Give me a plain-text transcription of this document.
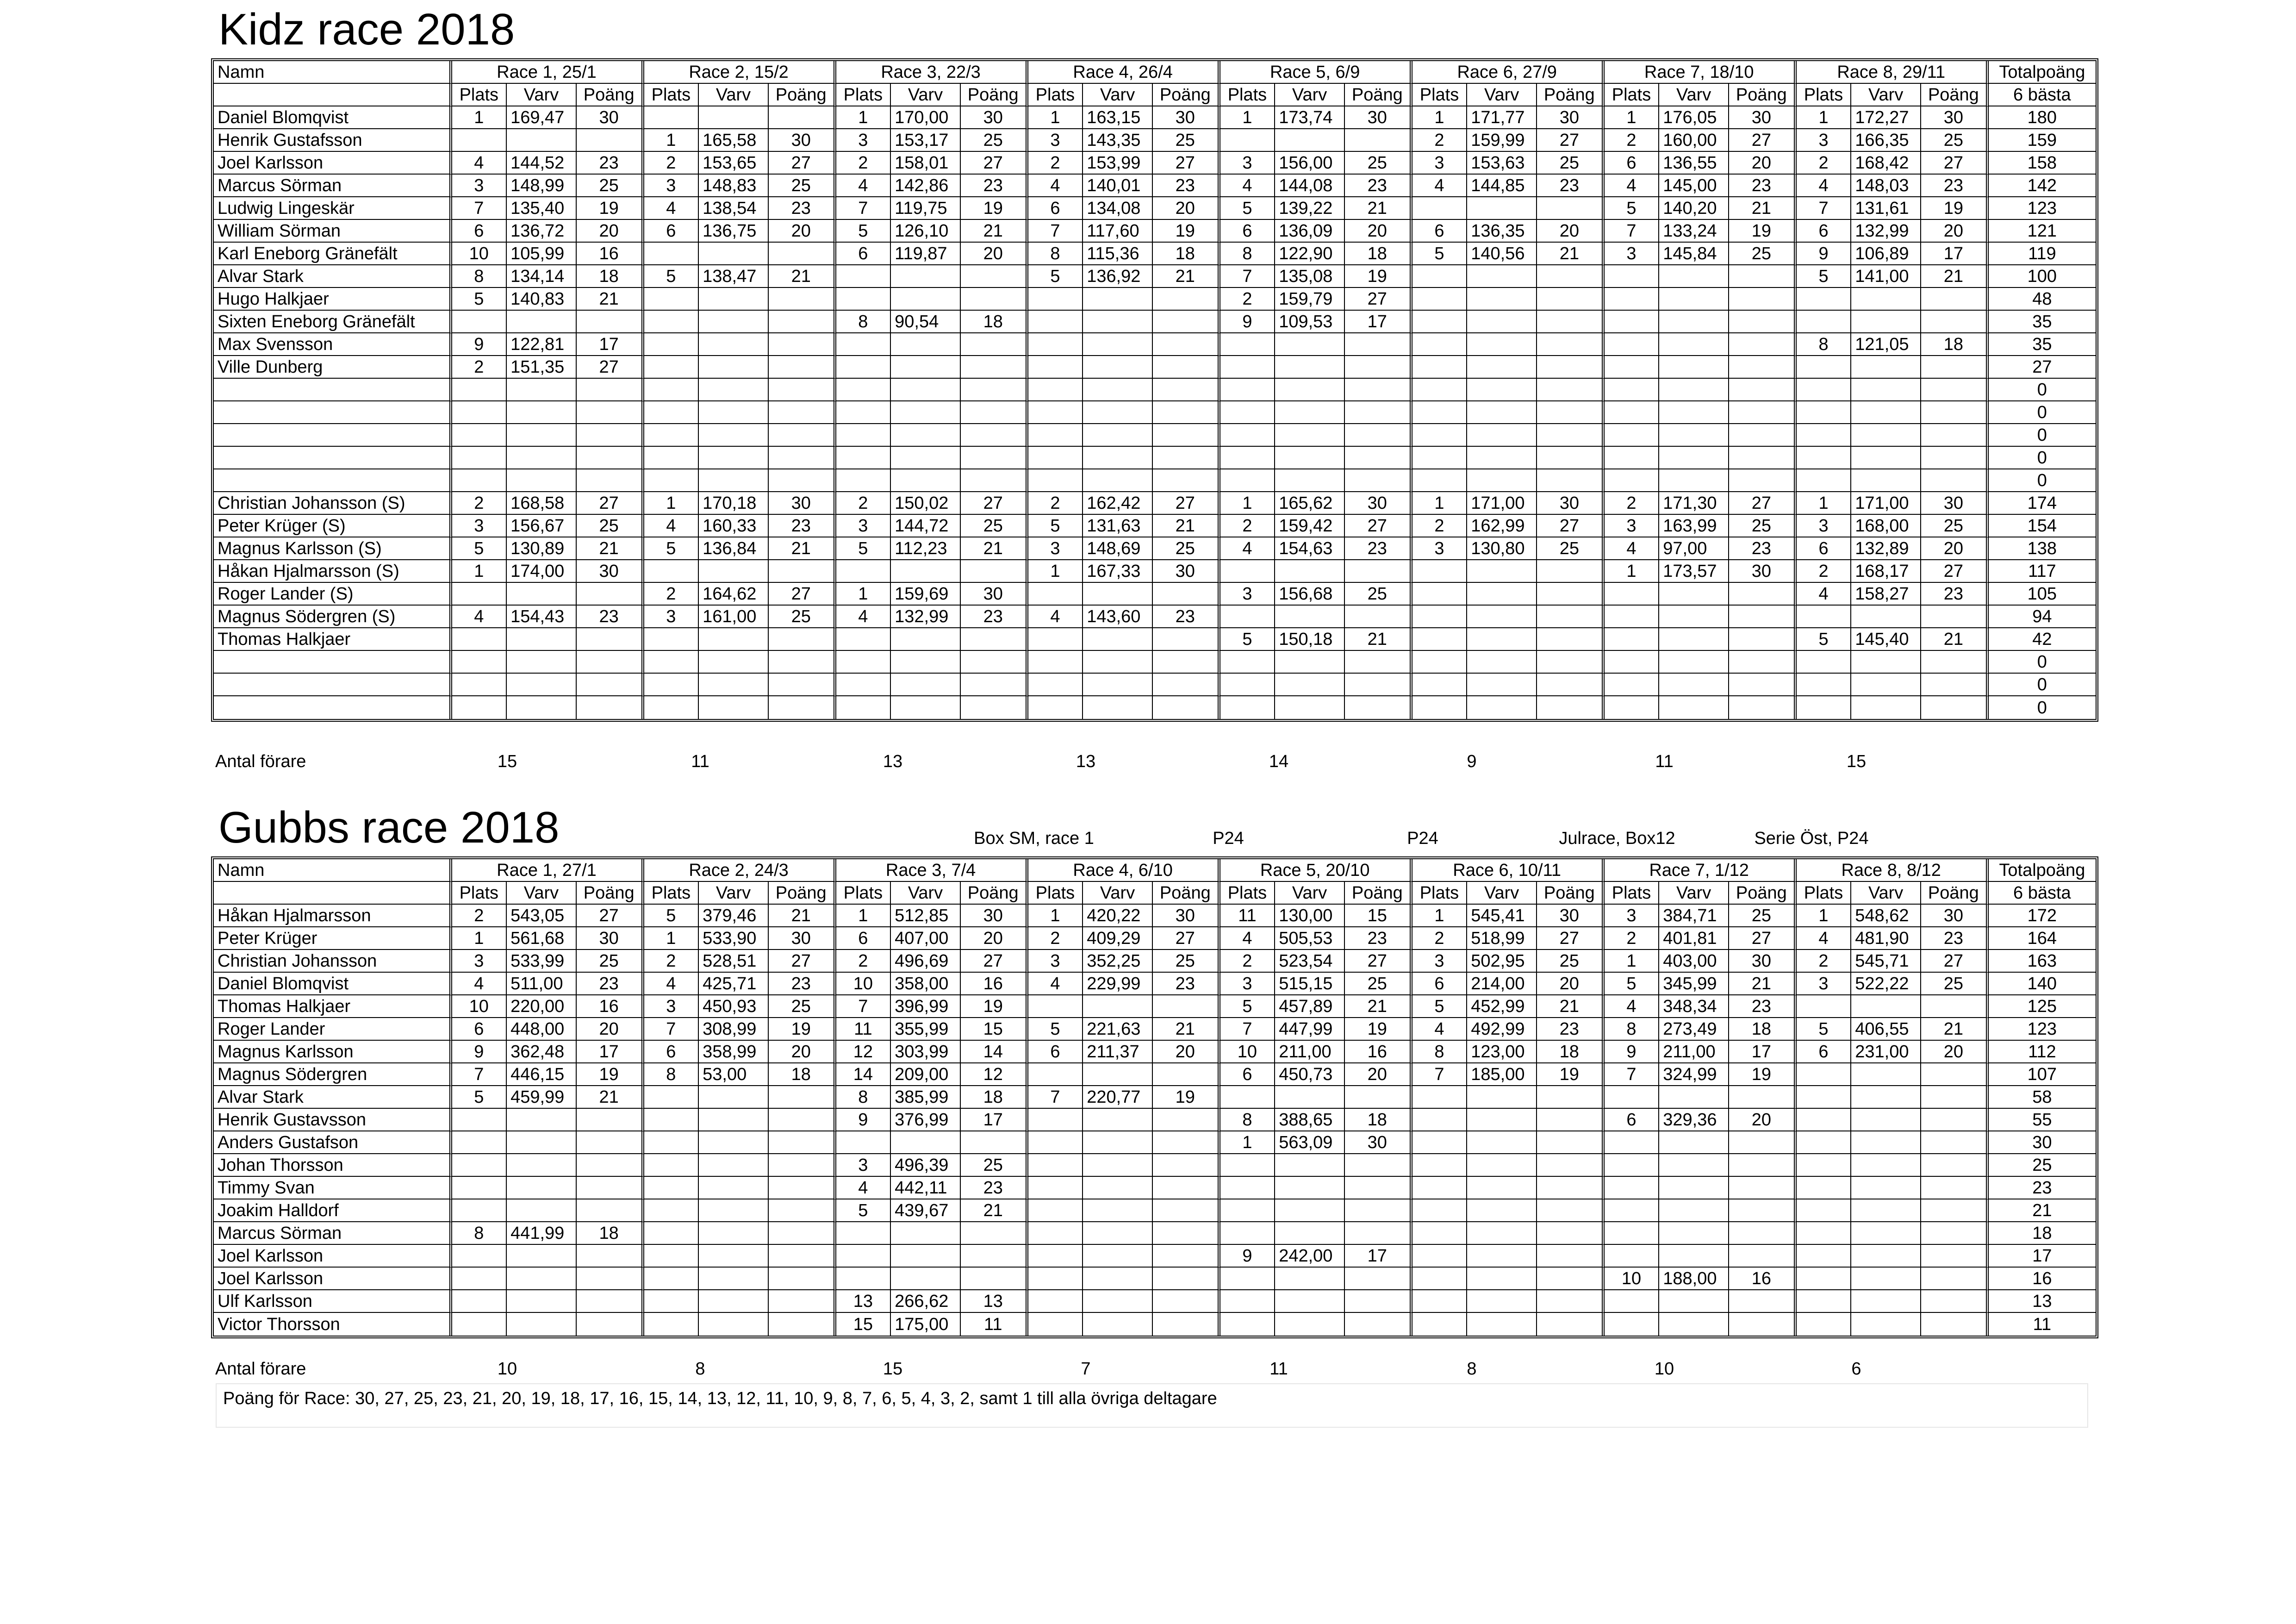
Kidz race 2018
Namn	Race 1, 25/1			Race 2, 15/2			Race 3, 22/3			Race 4, 26/4			Race 5, 6/9			Race 6, 27/9			Race 7, 18/10			Race 8, 29/11			Totalpoäng
	Plats	Varv	Poäng	Plats	Varv	Poäng	Plats	Varv	Poäng	Plats	Varv	Poäng	Plats	Varv	Poäng	Plats	Varv	Poäng	Plats	Varv	Poäng	Plats	Varv	Poäng	6 bästa
Daniel Blomqvist	1	169,47	30				1	170,00	30	1	163,15	30	1	173,74	30	1	171,77	30	1	176,05	30	1	172,27	30	180
Henrik Gustafsson				1	165,58	30	3	153,17	25	3	143,35	25				2	159,99	27	2	160,00	27	3	166,35	25	159
Joel Karlsson	4	144,52	23	2	153,65	27	2	158,01	27	2	153,99	27	3	156,00	25	3	153,63	25	6	136,55	20	2	168,42	27	158
Marcus Sörman	3	148,99	25	3	148,83	25	4	142,86	23	4	140,01	23	4	144,08	23	4	144,85	23	4	145,00	23	4	148,03	23	142
Ludwig Lingeskär	7	135,40	19	4	138,54	23	7	119,75	19	6	134,08	20	5	139,22	21				5	140,20	21	7	131,61	19	123
William Sörman	6	136,72	20	6	136,75	20	5	126,10	21	7	117,60	19	6	136,09	20	6	136,35	20	7	133,24	19	6	132,99	20	121
Karl Eneborg Gränefält	10	105,99	16				6	119,87	20	8	115,36	18	8	122,90	18	5	140,56	21	3	145,84	25	9	106,89	17	119
Alvar Stark	8	134,14	18	5	138,47	21				5	136,92	21	7	135,08	19							5	141,00	21	100
Hugo Halkjaer	5	140,83	21										2	159,79	27										48
Sixten Eneborg Gränefält							8	90,54	18				9	109,53	17										35
Max Svensson	9	122,81	17																			8	121,05	18	35
Ville Dunberg	2	151,35	27																						27
																									0
																									0
																									0
																									0
																									0
Christian Johansson (S)	2	168,58	27	1	170,18	30	2	150,02	27	2	162,42	27	1	165,62	30	1	171,00	30	2	171,30	27	1	171,00	30	174
Peter Krüger (S)	3	156,67	25	4	160,33	23	3	144,72	25	5	131,63	21	2	159,42	27	2	162,99	27	3	163,99	25	3	168,00	25	154
Magnus Karlsson (S)	5	130,89	21	5	136,84	21	5	112,23	21	3	148,69	25	4	154,63	23	3	130,80	25	4	97,00	23	6	132,89	20	138
Håkan Hjalmarsson (S)	1	174,00	30							1	167,33	30							1	173,57	30	2	168,17	27	117
Roger Lander (S)				2	164,62	27	1	159,69	30				3	156,68	25							4	158,27	23	105
Magnus Södergren (S)	4	154,43	23	3	161,00	25	4	132,99	23	4	143,60	23													94
Thomas Halkjaer													5	150,18	21							5	145,40	21	42
																									0
																									0
																									0
Antal förare	15	11	13	13	14	9	11	15
Gubbs race 2018	Box SM, race 1	P24	P24	Julrace, Box12	Serie Öst, P24
Namn	Race 1, 27/1			Race 2, 24/3			Race 3, 7/4			Race 4, 6/10			Race 5, 20/10			Race 6, 10/11			Race 7, 1/12			Race 8, 8/12			Totalpoäng
	Plats	Varv	Poäng	Plats	Varv	Poäng	Plats	Varv	Poäng	Plats	Varv	Poäng	Plats	Varv	Poäng	Plats	Varv	Poäng	Plats	Varv	Poäng	Plats	Varv	Poäng	6 bästa
Håkan Hjalmarsson	2	543,05	27	5	379,46	21	1	512,85	30	1	420,22	30	11	130,00	15	1	545,41	30	3	384,71	25	1	548,62	30	172
Peter Krüger	1	561,68	30	1	533,90	30	6	407,00	20	2	409,29	27	4	505,53	23	2	518,99	27	2	401,81	27	4	481,90	23	164
Christian Johansson	3	533,99	25	2	528,51	27	2	496,69	27	3	352,25	25	2	523,54	27	3	502,95	25	1	403,00	30	2	545,71	27	163
Daniel Blomqvist	4	511,00	23	4	425,71	23	10	358,00	16	4	229,99	23	3	515,15	25	6	214,00	20	5	345,99	21	3	522,22	25	140
Thomas Halkjaer	10	220,00	16	3	450,93	25	7	396,99	19				5	457,89	21	5	452,99	21	4	348,34	23				125
Roger Lander	6	448,00	20	7	308,99	19	11	355,99	15	5	221,63	21	7	447,99	19	4	492,99	23	8	273,49	18	5	406,55	21	123
Magnus Karlsson	9	362,48	17	6	358,99	20	12	303,99	14	6	211,37	20	10	211,00	16	8	123,00	18	9	211,00	17	6	231,00	20	112
Magnus Södergren	7	446,15	19	8	53,00	18	14	209,00	12				6	450,73	20	7	185,00	19	7	324,99	19				107
Alvar Stark	5	459,99	21				8	385,99	18	7	220,77	19													58
Henrik Gustavsson							9	376,99	17				8	388,65	18				6	329,36	20				55
Anders Gustafson													1	563,09	30										30
Johan Thorsson							3	496,39	25																25
Timmy Svan							4	442,11	23																23
Joakim Halldorf							5	439,67	21																21
Marcus Sörman	8	441,99	18																						18
Joel Karlsson													9	242,00	17										17
Joel Karlsson																			10	188,00	16				16
Ulf Karlsson							13	266,62	13																13
Victor Thorsson							15	175,00	11																11
Antal förare	10	8	15	7	11	8	10	6
Poäng för Race: 30, 27, 25, 23, 21, 20, 19, 18, 17, 16, 15, 14, 13, 12, 11, 10, 9, 8, 7, 6, 5, 4, 3, 2, samt 1 till alla övriga deltagare
